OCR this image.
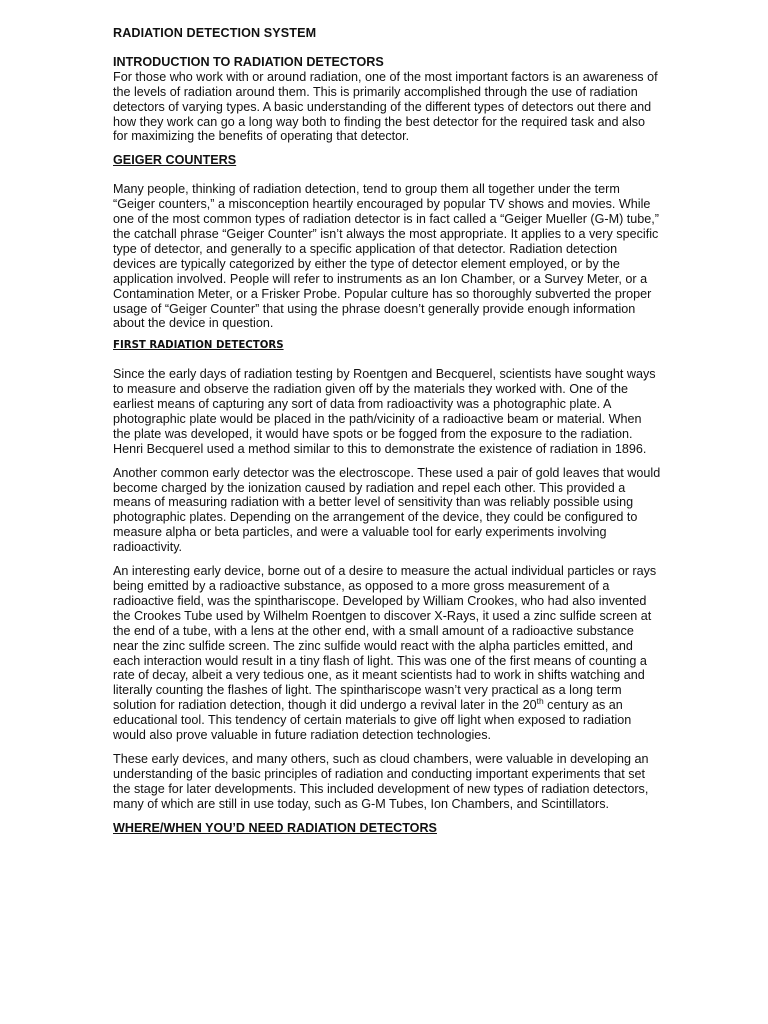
RADIATION DETECTION SYSTEM
INTRODUCTION TO RADIATION DETECTORS

For those who work with or around radiation, one of the most important factors is an awareness of the levels of radiation around them. This is primarily accomplished through the use of radiation detectors of varying types. A basic understanding of the different types of detectors out there and how they work can go a long way both to finding the best detector for the required task and also for maximizing the benefits of operating that detector.

GEIGER COUNTERS

Many people, thinking of radiation detection, tend to group them all together under the term “Geiger counters,” a misconception heartily encouraged by popular TV shows and movies. While one of the most common types of radiation detector is in fact called a “Geiger Mueller (G-M) tube,” the catchall phrase “Geiger Counter” isn’t always the most appropriate. It applies to a very specific type of detector, and generally to a specific application of that detector. Radiation detection devices are typically categorized by either the type of detector element employed, or by the application involved. People will refer to instruments as an Ion Chamber, or a Survey Meter, or a Contamination Meter, or a Frisker Probe. Popular culture has so thoroughly subverted the proper usage of “Geiger Counter” that using the phrase doesn’t generally provide enough information about the device in question.

FIRST RADIATION DETECTORS

Since the early days of radiation testing by Roentgen and Becquerel, scientists have sought ways to measure and observe the radiation given off by the materials they worked with. One of the earliest means of capturing any sort of data from radioactivity was a photographic plate. A photographic plate would be placed in the path/vicinity of a radioactive beam or material. When the plate was developed, it would have spots or be fogged from the exposure to the radiation. Henri Becquerel used a method similar to this to demonstrate the existence of radiation in 1896.

Another common early detector was the electroscope. These used a pair of gold leaves that would become charged by the ionization caused by radiation and repel each other. This provided a means of measuring radiation with a better level of sensitivity than was reliably possible using photographic plates. Depending on the arrangement of the device, they could be configured to measure alpha or beta particles, and were a valuable tool for early experiments involving radioactivity.

An interesting early device, borne out of a desire to measure the actual individual particles or rays being emitted by a radioactive substance, as opposed to a more gross measurement of a radioactive field, was the spinthariscope. Developed by William Crookes, who had also invented the Crookes Tube used by Wilhelm Roentgen to discover X-Rays, it used a zinc sulfide screen at the end of a tube, with a lens at the other end, with a small amount of a radioactive substance near the zinc sulfide screen. The zinc sulfide would react with the alpha particles emitted, and each interaction would result in a tiny flash of light. This was one of the first means of counting a rate of decay, albeit a very tedious one, as it meant scientists had to work in shifts watching and literally counting the flashes of light. The spinthariscope wasn’t very practical as a long term solution for radiation detection, though it did undergo a revival later in the 20th century as an educational tool. This tendency of certain materials to give off light when exposed to radiation would also prove valuable in future radiation detection technologies.

These early devices, and many others, such as cloud chambers, were valuable in developing an understanding of the basic principles of radiation and conducting important experiments that set the stage for later developments. This included development of new types of radiation detectors, many of which are still in use today, such as G-M Tubes, Ion Chambers, and Scintillators.

WHERE/WHEN YOU’D NEED RADIATION DETECTORS
